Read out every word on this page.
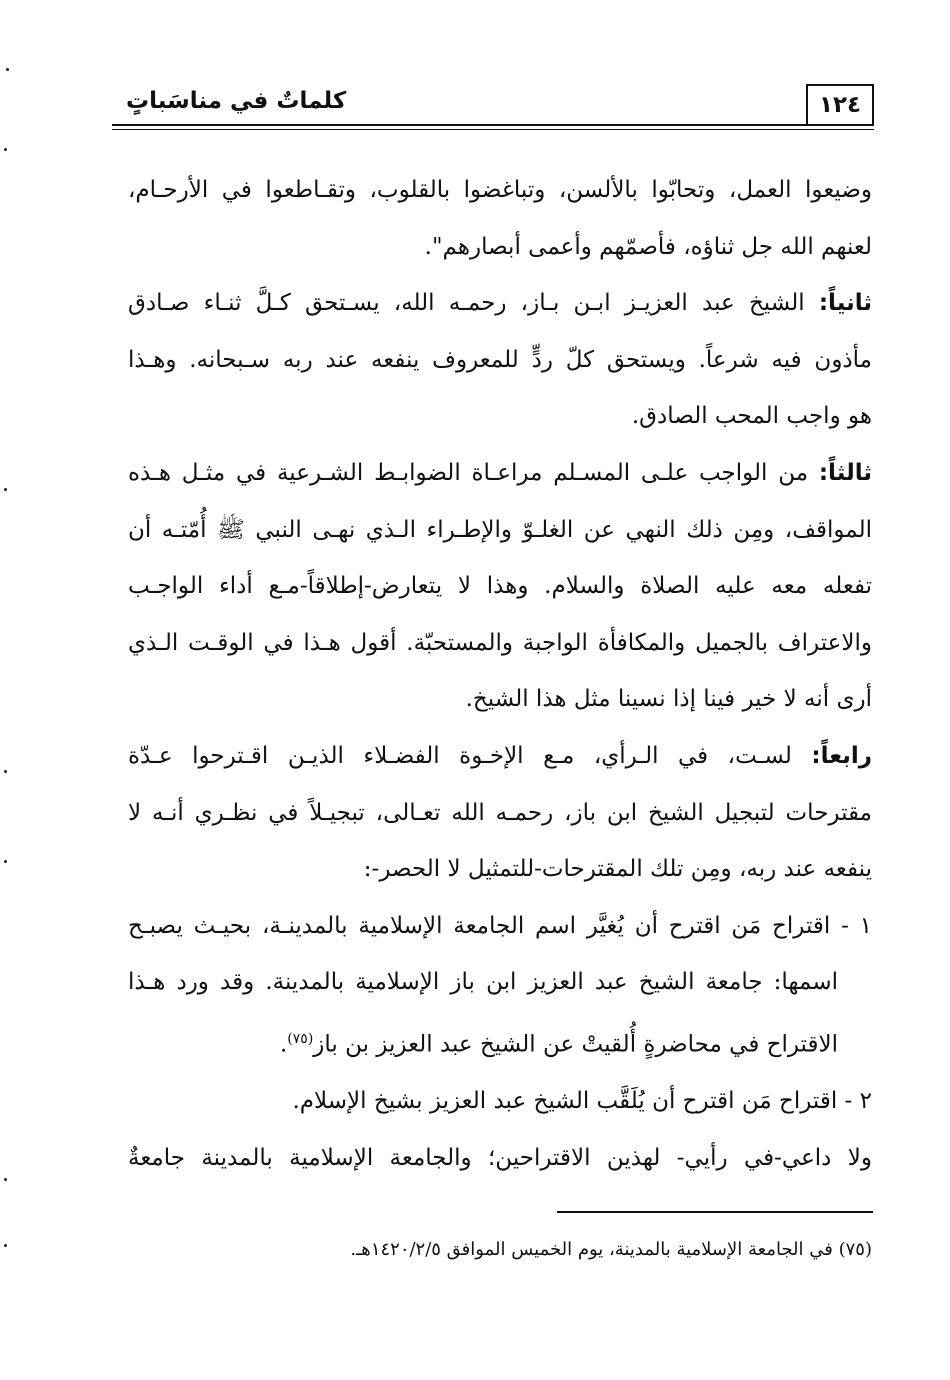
١٢٤
كلماتٌ في مناسَباتٍ

وضيعوا العمل، وتحابّوا بالألسن، وتباغضوا بالقلوب، وتقـاطعوا في الأرحـام،

لعنهم الله جل ثناؤه، فأصمّهم وأعمى أبصارهم".

ثانياً: الشيخ عبد العزيـز ابـن بـاز، رحمـه الله، يسـتحق كـلَّ ثنـاء صـادق

مأذون فيه شرعاً. ويستحق كلّ ردٍّ للمعروف ينفعه عند ربه سـبحانه. وهـذا

هو واجب المحب الصادق.

ثالثاً: من الواجب علـى المسـلم مراعـاة الضوابـط الشـرعية في مثـل هـذه

المواقف، ومِن ذلك النهي عن الغلـوّ والإطـراء الـذي نهـى النبي ﷺ أُمّتـه أن

تفعله معه عليه الصلاة والسلام. وهذا لا يتعارض-إطلاقاً-مـع أداء الواجـب

والاعتراف بالجميل والمكافأة الواجبة والمستحبّة. أقول هـذا في الوقـت الـذي

أرى أنه لا خير فينا إذا نسينا مثل هذا الشيخ.

رابعاً: لسـت، في الـرأي، مـع الإخـوة الفضـلاء الذيـن اقـترحوا عـدّة

مقترحات لتبجيل الشيخ ابن باز، رحمـه الله تعـالى، تبجيـلاً في نظـري أنـه لا

ينفعه عند ربه، ومِن تلك المقترحات-للتمثيل لا الحصر-:

١ - اقتراح مَن اقترح أن يُغيَّر اسم الجامعة الإسلامية بالمدينـة، بحيـث يصبـح

اسمها: جامعة الشيخ عبد العزيز ابن باز الإسلامية بالمدينة. وقد ورد هـذا

الاقتراح في محاضرةٍ أُلقيتْ عن الشيخ عبد العزيز بن باز$^{(٧٥)}$.

٢ - اقتراح مَن اقترح أن يُلَقَّب الشيخ عبد العزيز بشيخ الإسلام.

ولا داعي-في رأيي- لهذين الاقتراحين؛ والجامعة الإسلامية بالمدينة جامعةٌ

(٧٥) في الجامعة الإسلامية بالمدينة، يوم الخميس الموافق ١٤٢٠/٢/٥هـ.
